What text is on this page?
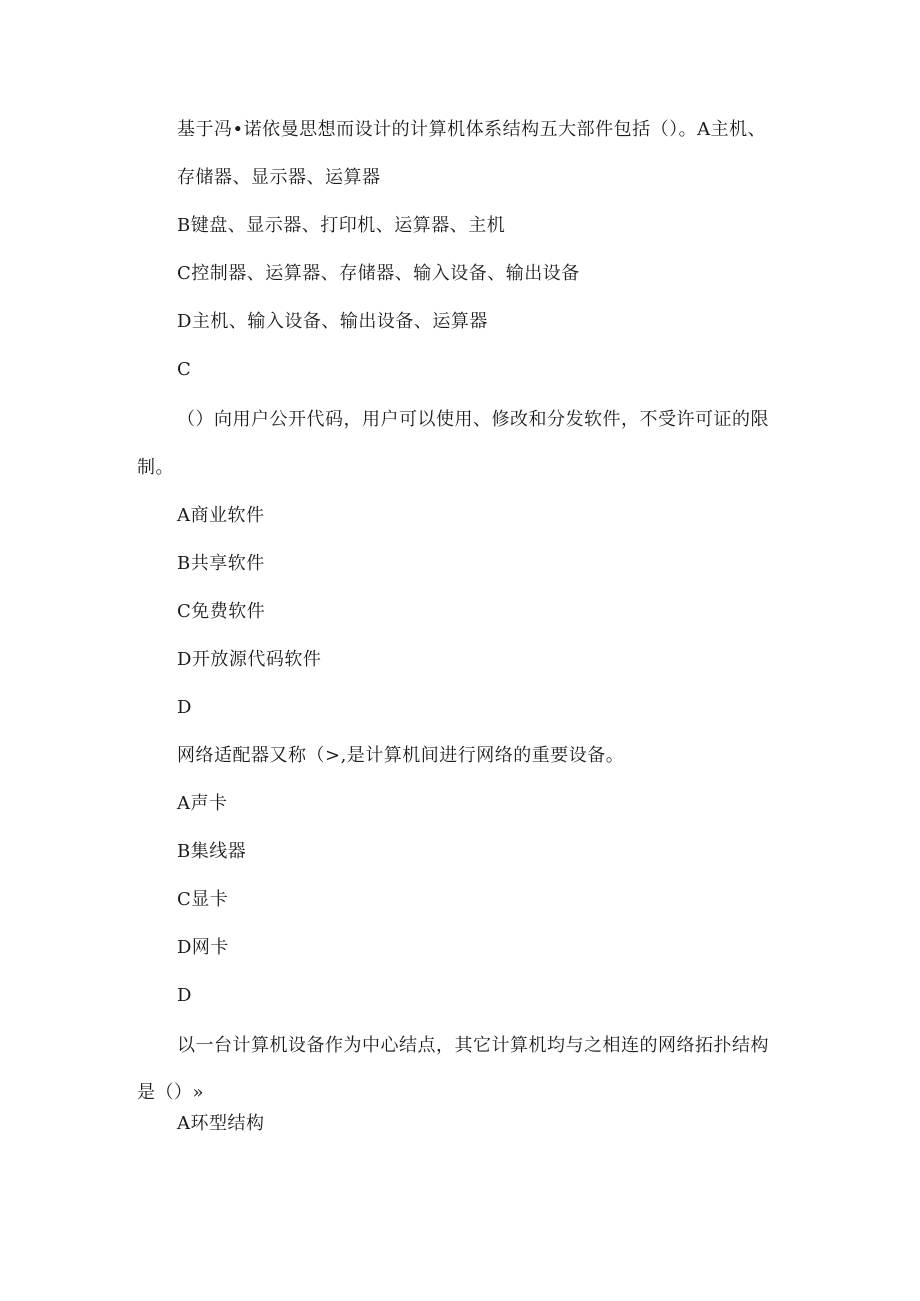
基于冯•诺依曼思想而设计的计算机体系结构五大部件包括（）。A主机、
存储器、显示器、运算器
B键盘、显示器、打印机、运算器、主机
C控制器、运算器、存储器、输入设备、输出设备
D主机、输入设备、输出设备、运算器
C
（）向用户公开代码，用户可以使用、修改和分发软件，不受许可证的限
制。
A商业软件
B共享软件
C免费软件
D开放源代码软件
D
网络适配器又称（>,是计算机间进行网络的重要设备。
A声卡
B集线器
C显卡
D网卡
D
以一台计算机设备作为中心结点，其它计算机均与之相连的网络拓扑结构
是（）»
A环型结构
